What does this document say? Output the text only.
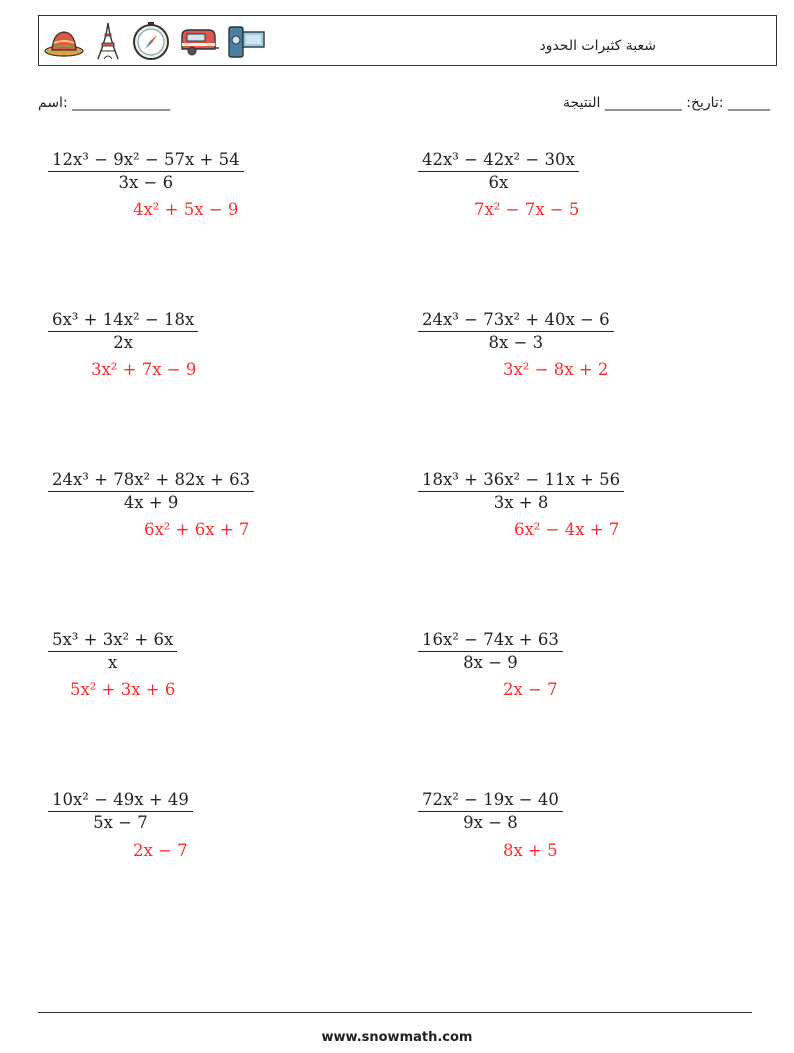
شعبة كثيرات الحدود
______________ :اسم	______ :تاريخ: ___________ النتيجة
$\frac{\text{12x³ − 9x² − 57x + 54}}{3x - 6}$
4x² + 5x − 9
$\frac{\text{42x³ − 42x² − 30x}}{6x}$
7x² − 7x − 5
$\frac{\text{6x³ + 14x² − 18x}}{2x}$
3x² + 7x − 9
$\frac{\text{24x³ − 73x² + 40x − 6}}{8x - 3}$
3x² − 8x + 2
$\frac{\text{24x³ + 78x² + 82x + 63}}{4x + 9}$
6x² + 6x + 7
$\frac{\text{18x³ + 36x² − 11x + 56}}{3x + 8}$
6x² − 4x + 7
$\frac{\text{5x³ + 3x² + 6x}}{x}$
5x² + 3x + 6
$\frac{\text{16x² − 74x + 63}}{8x - 9}$
2x − 7
$\frac{\text{10x² − 49x + 49}}{5x - 7}$
2x − 7
$\frac{\text{72x² − 19x − 40}}{9x - 8}$
8x + 5
www.snowmath.com
